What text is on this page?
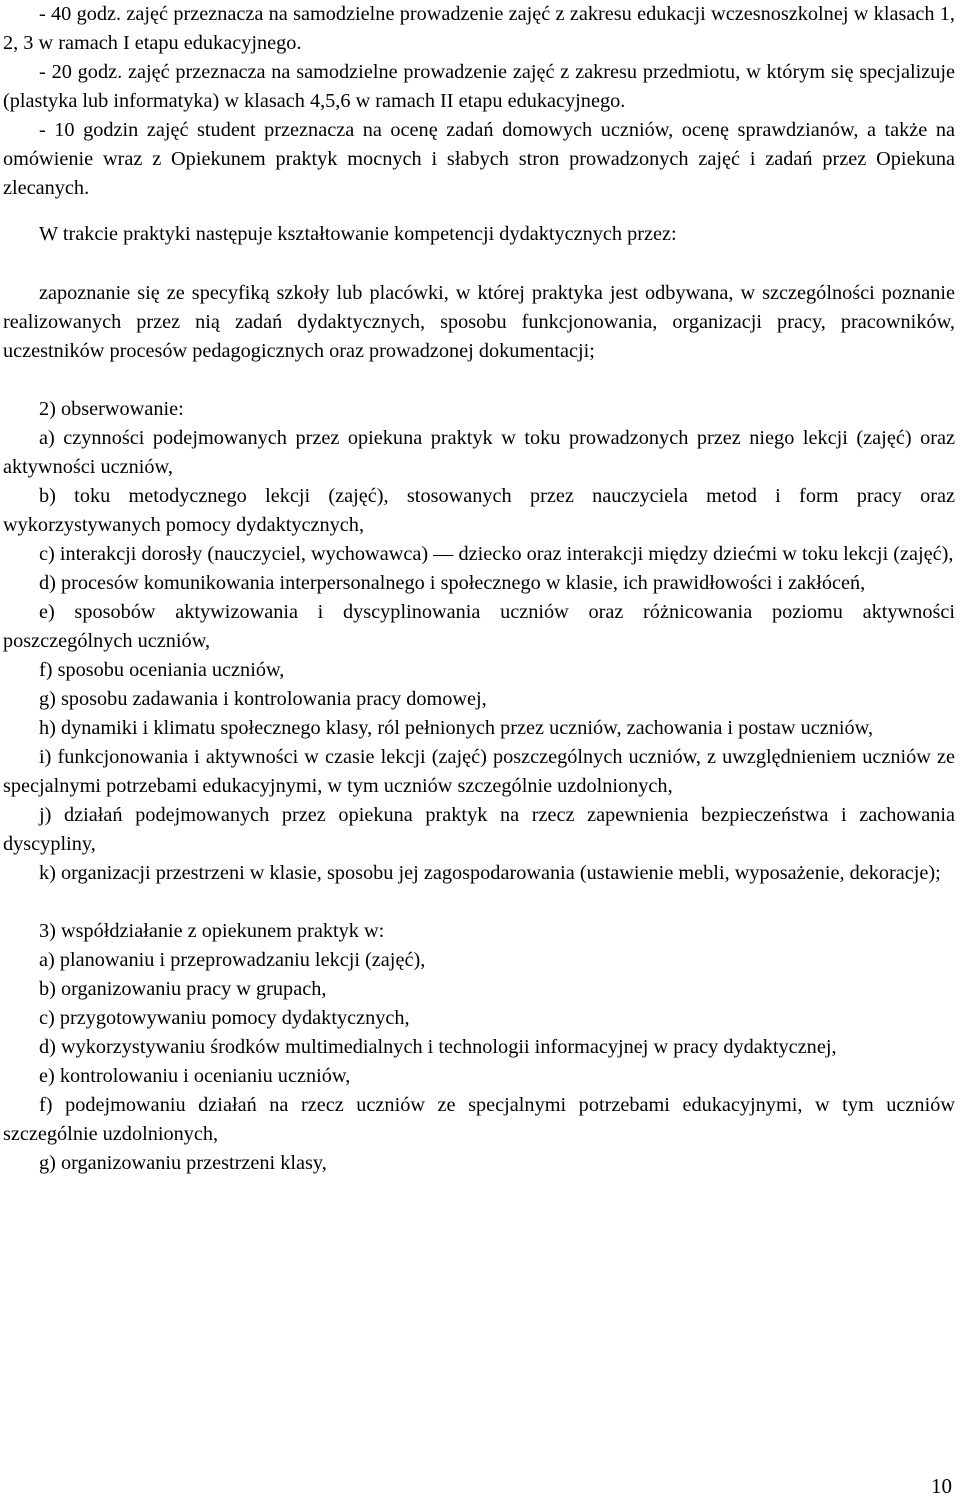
- 40 godz. zajęć przeznacza na samodzielne prowadzenie zajęć z zakresu edukacji wczesnoszkolnej w klasach 1, 2, 3 w ramach I etapu edukacyjnego.

- 20 godz. zajęć przeznacza na samodzielne prowadzenie zajęć z zakresu przedmiotu, w którym się specjalizuje (plastyka lub informatyka) w klasach 4,5,6 w ramach II etapu edukacyjnego.

- 10 godzin zajęć student przeznacza na ocenę zadań domowych uczniów, ocenę sprawdzianów, a także na omówienie wraz z Opiekunem praktyk mocnych i słabych stron prowadzonych zajęć i zadań przez Opiekuna zlecanych.

W trakcie praktyki następuje kształtowanie kompetencji dydaktycznych przez:

zapoznanie się ze specyfiką szkoły lub placówki, w której praktyka jest odbywana, w szczególności poznanie realizowanych przez nią zadań dydaktycznych, sposobu funkcjonowania, organizacji pracy, pracowników, uczestników procesów pedagogicznych oraz prowadzonej dokumentacji;

2) obserwowanie:

a) czynności podejmowanych przez opiekuna praktyk w toku prowadzonych przez niego lekcji (zajęć) oraz aktywności uczniów,

b) toku metodycznego lekcji (zajęć), stosowanych przez nauczyciela metod i form pracy oraz wykorzystywanych pomocy dydaktycznych,

c) interakcji dorosły (nauczyciel, wychowawca) — dziecko oraz interakcji między dziećmi w toku lekcji (zajęć),

d) procesów komunikowania interpersonalnego i społecznego w klasie, ich prawidłowości i zakłóceń,

e) sposobów aktywizowania i dyscyplinowania uczniów oraz różnicowania poziomu aktywności poszczególnych uczniów,

f) sposobu oceniania uczniów,

g) sposobu zadawania i kontrolowania pracy domowej,

h) dynamiki i klimatu społecznego klasy, ról pełnionych przez uczniów, zachowania i postaw uczniów,

i) funkcjonowania i aktywności w czasie lekcji (zajęć) poszczególnych uczniów, z uwzględnieniem uczniów ze specjalnymi potrzebami edukacyjnymi, w tym uczniów szczególnie uzdolnionych,

j) działań podejmowanych przez opiekuna praktyk na rzecz zapewnienia bezpieczeństwa i zachowania dyscypliny,

k) organizacji przestrzeni w klasie, sposobu jej zagospodarowania (ustawienie mebli, wyposażenie, dekoracje);

3) współdziałanie z opiekunem praktyk w:

a) planowaniu i przeprowadzaniu lekcji (zajęć),

b) organizowaniu pracy w grupach,

c) przygotowywaniu pomocy dydaktycznych,

d) wykorzystywaniu środków multimedialnych i technologii informacyjnej w pracy dydaktycznej,

e) kontrolowaniu i ocenianiu uczniów,

f) podejmowaniu działań na rzecz uczniów ze specjalnymi potrzebami edukacyjnymi, w tym uczniów szczególnie uzdolnionych,

g) organizowaniu przestrzeni klasy,

10
